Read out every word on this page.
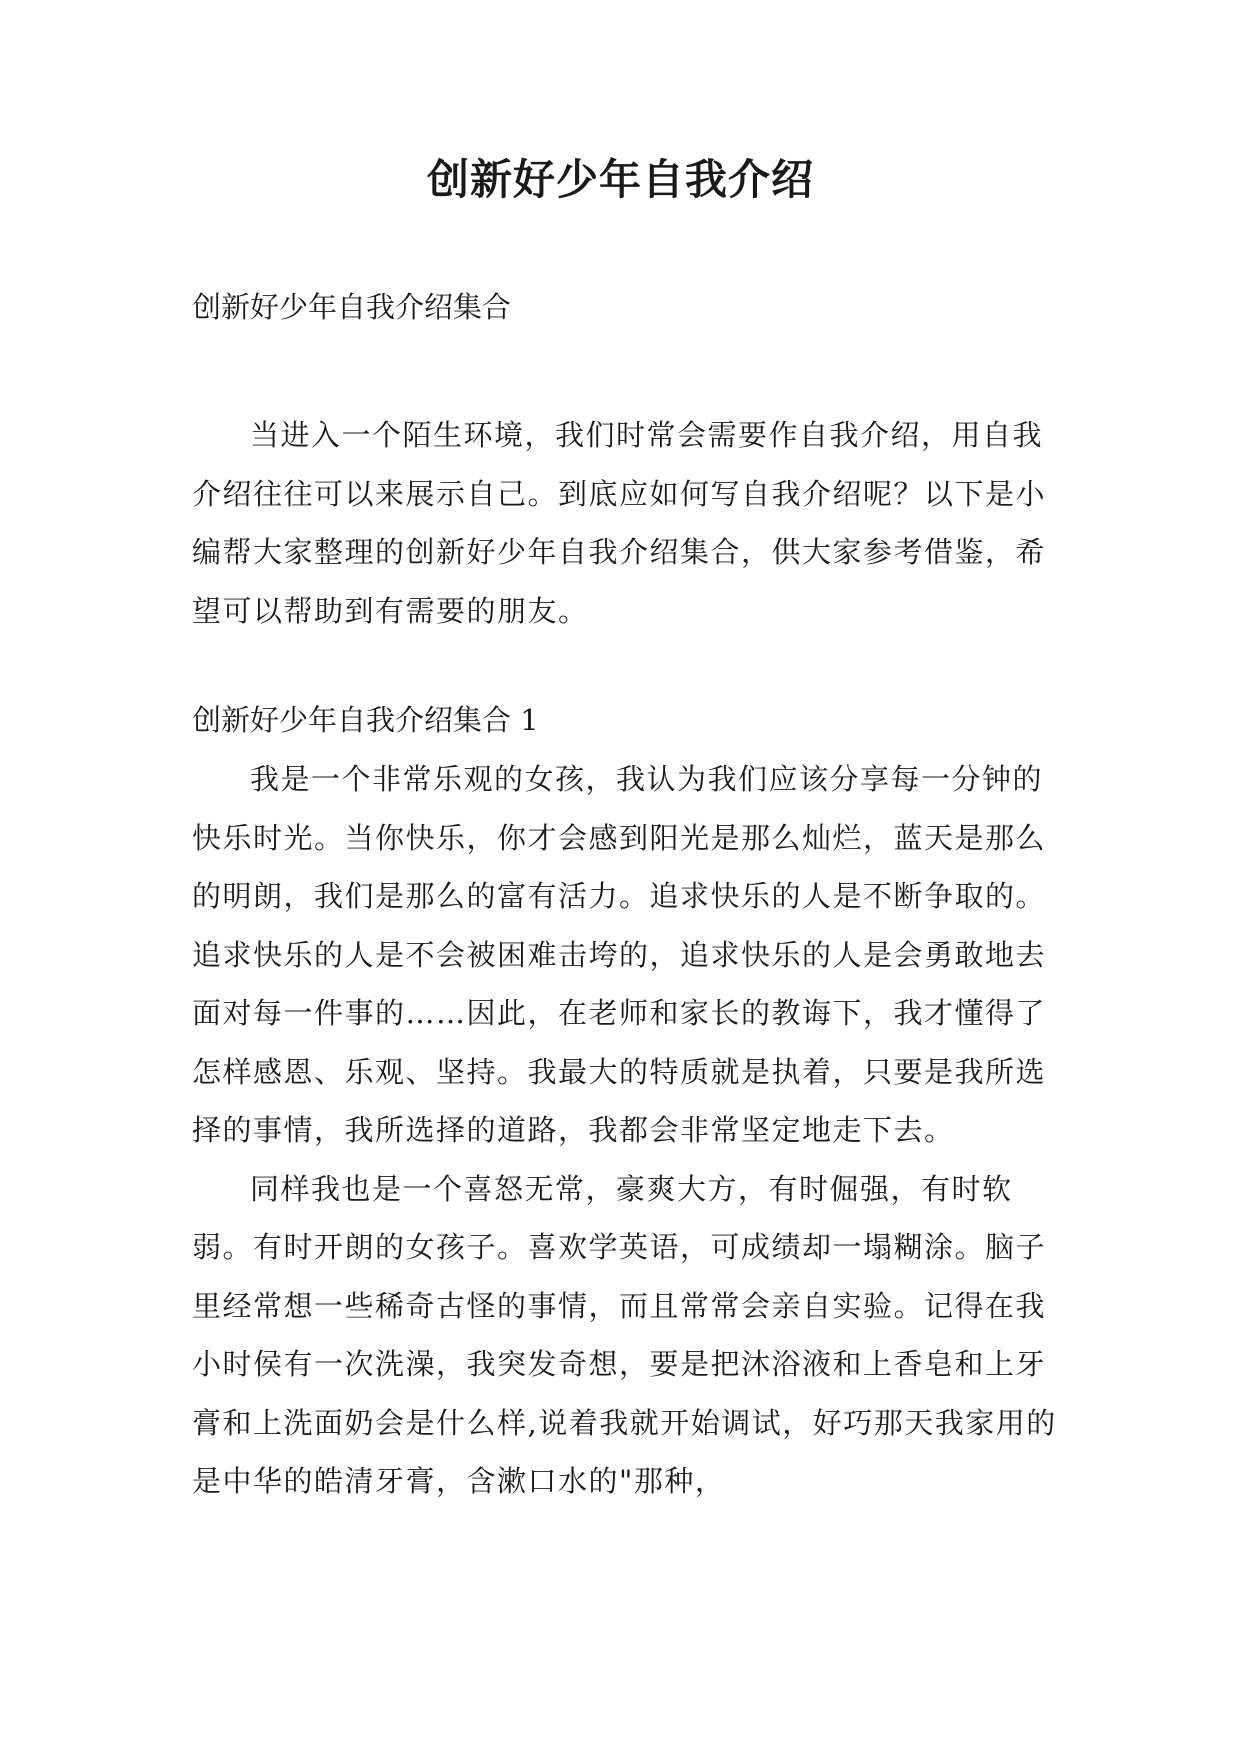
创新好少年自我介绍
创新好少年自我介绍集合

当进入一个陌生环境，我们时常会需要作自我介绍，用自我介绍往往可以来展示自己。到底应如何写自我介绍呢？以下是小编帮大家整理的创新好少年自我介绍集合，供大家参考借鉴，希望可以帮助到有需要的朋友。

创新好少年自我介绍集合 1

我是一个非常乐观的女孩，我认为我们应该分享每一分钟的快乐时光。当你快乐，你才会感到阳光是那么灿烂，蓝天是那么的明朗，我们是那么的富有活力。追求快乐的人是不断争取的。追求快乐的人是不会被困难击垮的，追求快乐的人是会勇敢地去面对每一件事的……因此，在老师和家长的教诲下，我才懂得了怎样感恩、乐观、坚持。我最大的特质就是执着，只要是我所选择的事情，我所选择的道路，我都会非常坚定地走下去。

同样我也是一个喜怒无常，豪爽大方，有时倔强，有时软弱。有时开朗的女孩子。喜欢学英语，可成绩却一塌糊涂。脑子里经常想一些稀奇古怪的事情，而且常常会亲自实验。记得在我小时侯有一次洗澡，我突发奇想，要是把沐浴液和上香皂和上牙膏和上洗面奶会是什么样,说着我就开始调试，好巧那天我家用的是中华的皓清牙膏，含漱口水的"那种，
